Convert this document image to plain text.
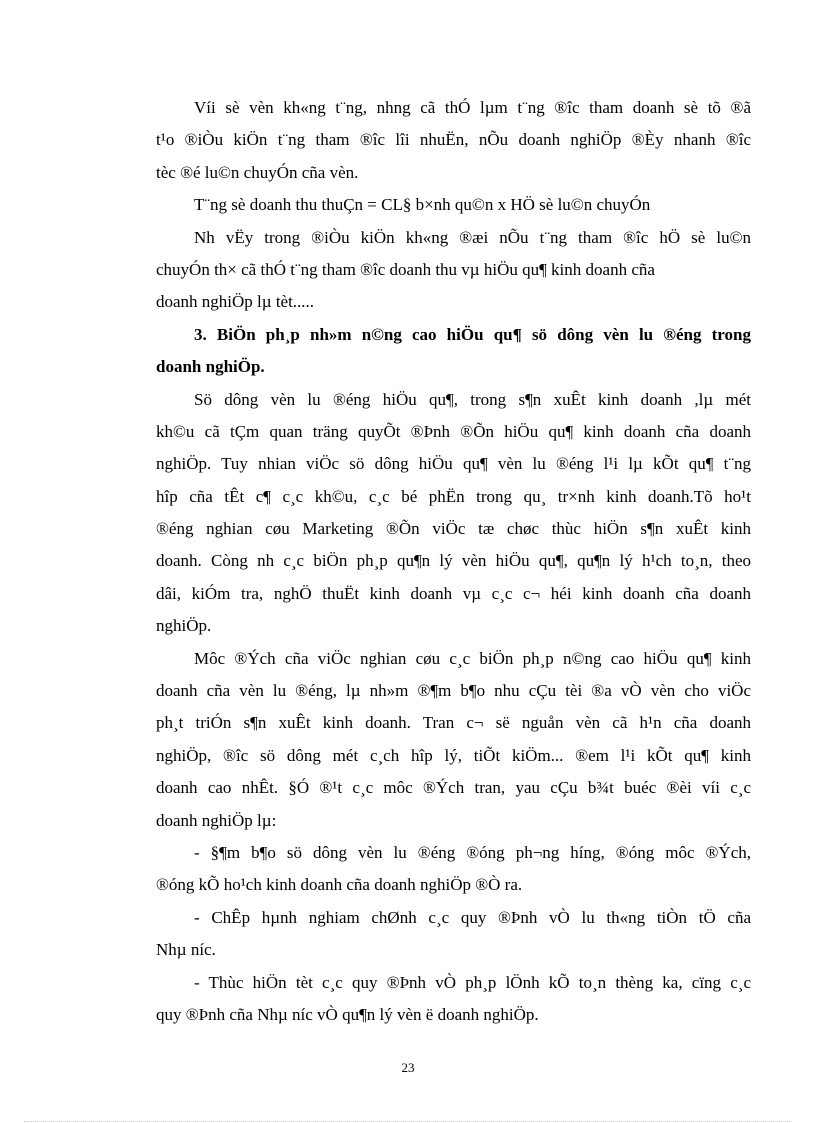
Víi sè vèn kh«ng t¨ng, nhng cã thÓ lµm t¨ng ®îc tham doanh sè tõ ®ã
t¹o ®iÒu kiÖn t¨ng tham ®îc lîi nhuËn, nÕu doanh nghiÖp ®Èy nhanh ®îc
tèc ®é lu©n chuyÓn cña vèn.
T¨ng sè doanh thu thuÇn = CL§ b×nh qu©n x HÖ sè lu©n chuyÓn
Nh vËy trong ®iÒu kiÖn kh«ng ®æi nÕu t¨ng tham ®îc hÖ sè lu©n
chuyÓn th× cã thÓ t¨ng tham ®îc doanh thu vµ hiÖu qu¶ kinh doanh cña
doanh nghiÖp lµ tèt.....
3. BiÖn ph¸p nh»m n©ng cao hiÖu qu¶ sö dông vèn lu ®éng trong
doanh nghiÖp.
Sö dông vèn lu ®éng hiÖu qu¶, trong s¶n xuÊt kinh doanh ,lµ mét
kh©u cã tÇm quan träng quyÕt ®Þnh ®Õn hiÖu qu¶ kinh doanh cña doanh
nghiÖp. Tuy nhian viÖc sö dông hiÖu qu¶ vèn lu ®éng l¹i lµ kÕt qu¶ t¨ng
hîp cña tÊt c¶ c¸c kh©u, c¸c bé phËn trong qu¸ tr×nh kinh doanh.Tõ ho¹t
®éng nghian cøu Marketing ®Õn viÖc tæ chøc thùc hiÖn s¶n xuÊt kinh
doanh. Còng nh c¸c biÖn ph¸p qu¶n lý vèn hiÖu qu¶, qu¶n lý h¹ch to¸n, theo
dâi, kiÓm tra, nghÖ thuËt kinh doanh vµ c¸c c¬ héi kinh doanh cña doanh
nghiÖp.
Môc ®Ých cña viÖc nghian cøu c¸c biÖn ph¸p n©ng cao hiÖu qu¶ kinh
doanh cña vèn lu ®éng, lµ nh»m ®¶m b¶o nhu cÇu tèi ®a vÒ vèn cho viÖc
ph¸t triÓn s¶n xuÊt kinh doanh. Tran c¬ së nguån vèn cã h¹n cña doanh
nghiÖp, ®îc sö dông mét c¸ch hîp lý, tiÕt kiÖm... ®em l¹i kÕt qu¶ kinh
doanh cao nhÊt. §Ó ®¹t c¸c môc ®Ých tran, yau cÇu b¾t buéc ®èi víi c¸c
doanh nghiÖp lµ:
- §¶m b¶o sö dông vèn lu ®éng ®óng ph¬ng híng, ®óng môc ®Ých,
®óng kÕ ho¹ch kinh doanh cña doanh nghiÖp ®Ò ra.
- ChÊp hµnh nghiam chØnh c¸c quy ®Þnh vÒ lu th«ng tiÒn tÖ cña
Nhµ níc.
- Thùc hiÖn tèt c¸c quy ®Þnh vÒ ph¸p lÖnh kÕ to¸n thèng ka, cïng c¸c
quy ®Þnh cña Nhµ níc vÒ qu¶n lý vèn ë doanh nghiÖp.
23
